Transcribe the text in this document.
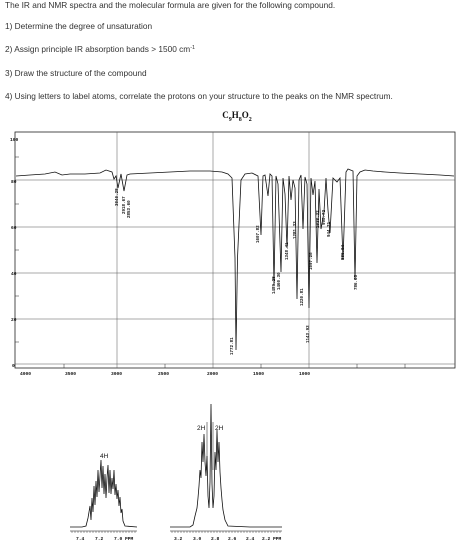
The IR and NMR spectra and the molecular formula are given for the following compound.
1) Determine the degree of unsaturation
2) Assign principle IR absorption bands > 1500 $cm^{-1}$
3) Draw the structure of the compound
4) Using letters to label atoms, correlate the protons on your structure to the peaks on the NMR spectrum.
$C_9H_8O_2$
100
80
60
40
20
0
4000	3500	3000	2500	2000	1500	1000
3040.28 2918.67 2853.60
1772.81
1607.82
1489.28 1460.30
1348.41
1281.33
1220.81
1143.93
1097.28
1038.32 990.72
944.71
886.94
786.65
4H
7.4 7.2 7.0 PPM
2H 2H
3.2 3.0 2.8 2.6 2.4 2.2 PPM
